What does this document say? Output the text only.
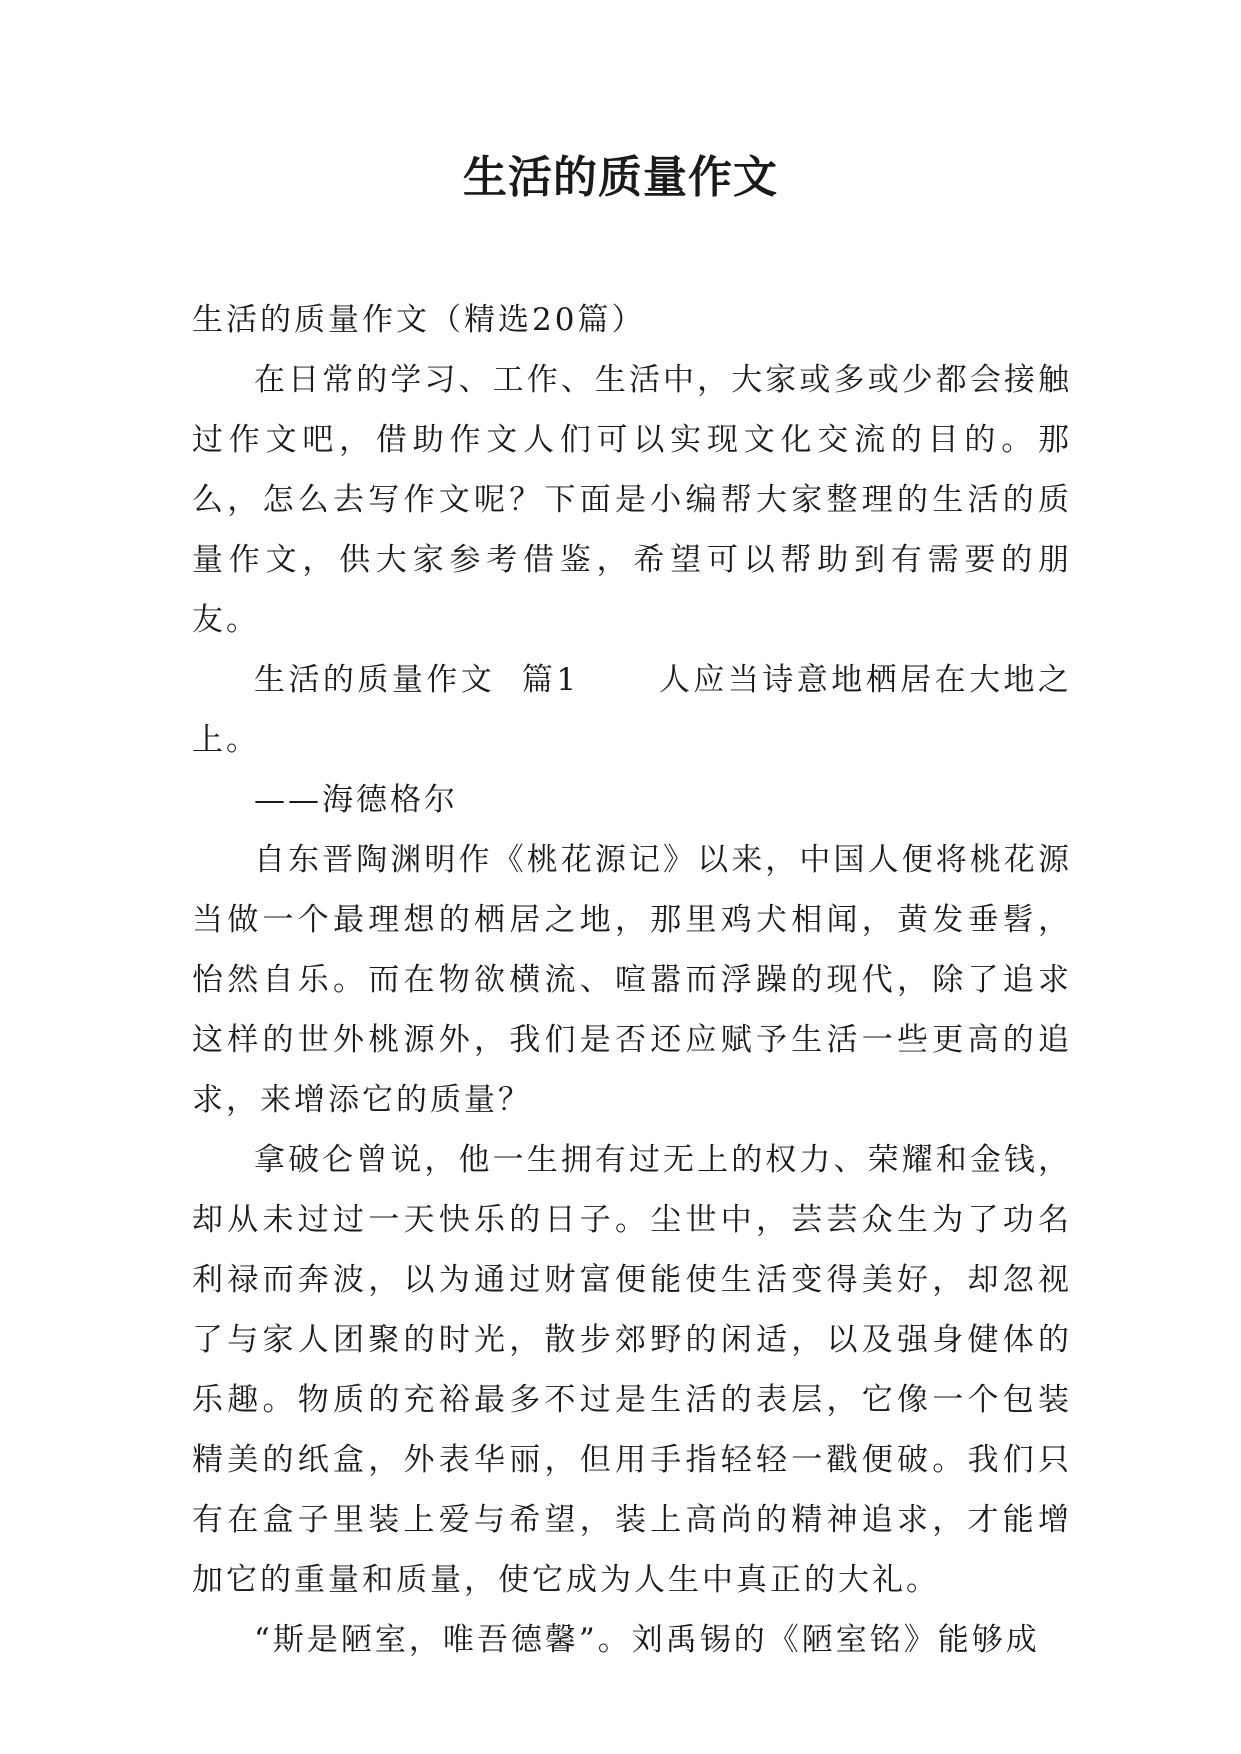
生活的质量作文

生活的质量作文（精选20篇）

在日常的学习、工作、生活中，大家或多或少都会接触过作文吧，借助作文人们可以实现文化交流的目的。那么，怎么去写作文呢？下面是小编帮大家整理的生活的质量作文，供大家参考借鉴，希望可以帮助到有需要的朋友。

生活的质量作文  篇1      人应当诗意地栖居在大地之上。

——海德格尔

自东晋陶渊明作《桃花源记》以来，中国人便将桃花源当做一个最理想的栖居之地，那里鸡犬相闻，黄发垂髫，怡然自乐。而在物欲横流、喧嚣而浮躁的现代，除了追求这样的世外桃源外，我们是否还应赋予生活一些更高的追求，来增添它的质量？

拿破仑曾说，他一生拥有过无上的权力、荣耀和金钱，却从未过过一天快乐的日子。尘世中，芸芸众生为了功名利禄而奔波，以为通过财富便能使生活变得美好，却忽视了与家人团聚的时光，散步郊野的闲适，以及强身健体的乐趣。物质的充裕最多不过是生活的表层，它像一个包装精美的纸盒，外表华丽，但用手指轻轻一戳便破。我们只有在盒子里装上爱与希望，装上高尚的精神追求，才能增加它的重量和质量，使它成为人生中真正的大礼。

“斯是陋室，唯吾德馨”。刘禹锡的《陋室铭》能够成
